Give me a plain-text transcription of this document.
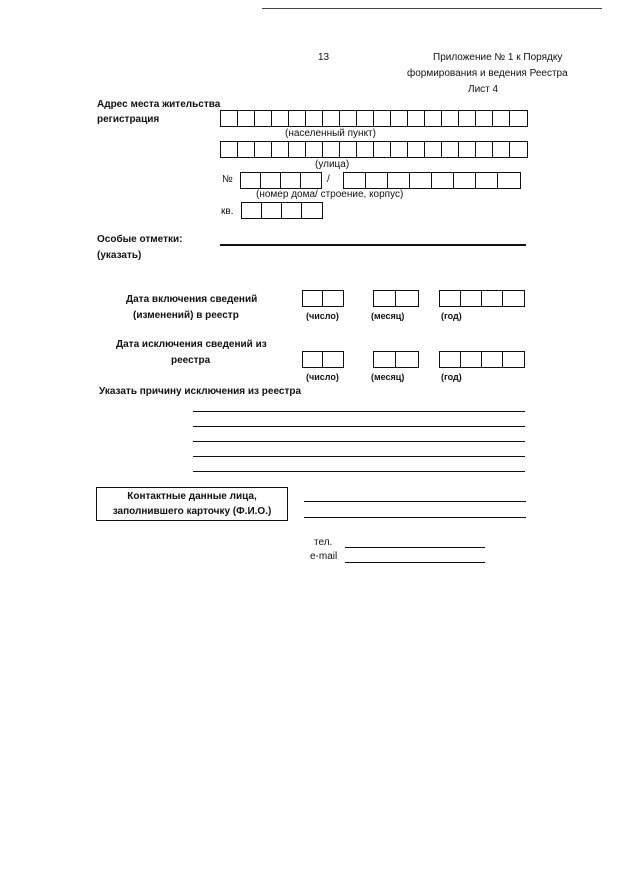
13	Приложение № 1 к Порядку
формирования и ведения Реестра
Лист 4
Адрес места жительства
регистрация
(населенный пункт)
(улица)
№	/
(номер дома/ строение, корпус)
кв.
Особые отметки:
(указать)
Дата включения сведений
(изменений) в реестр	(число)	(месяц)	(год)
Дата исключения сведений из
реестра
(число)	(месяц)	(год)
Указать причину исключения из реестра
Контактные данные лица,
заполнившего карточку (Ф.И.О.)
тел.
e-mail
